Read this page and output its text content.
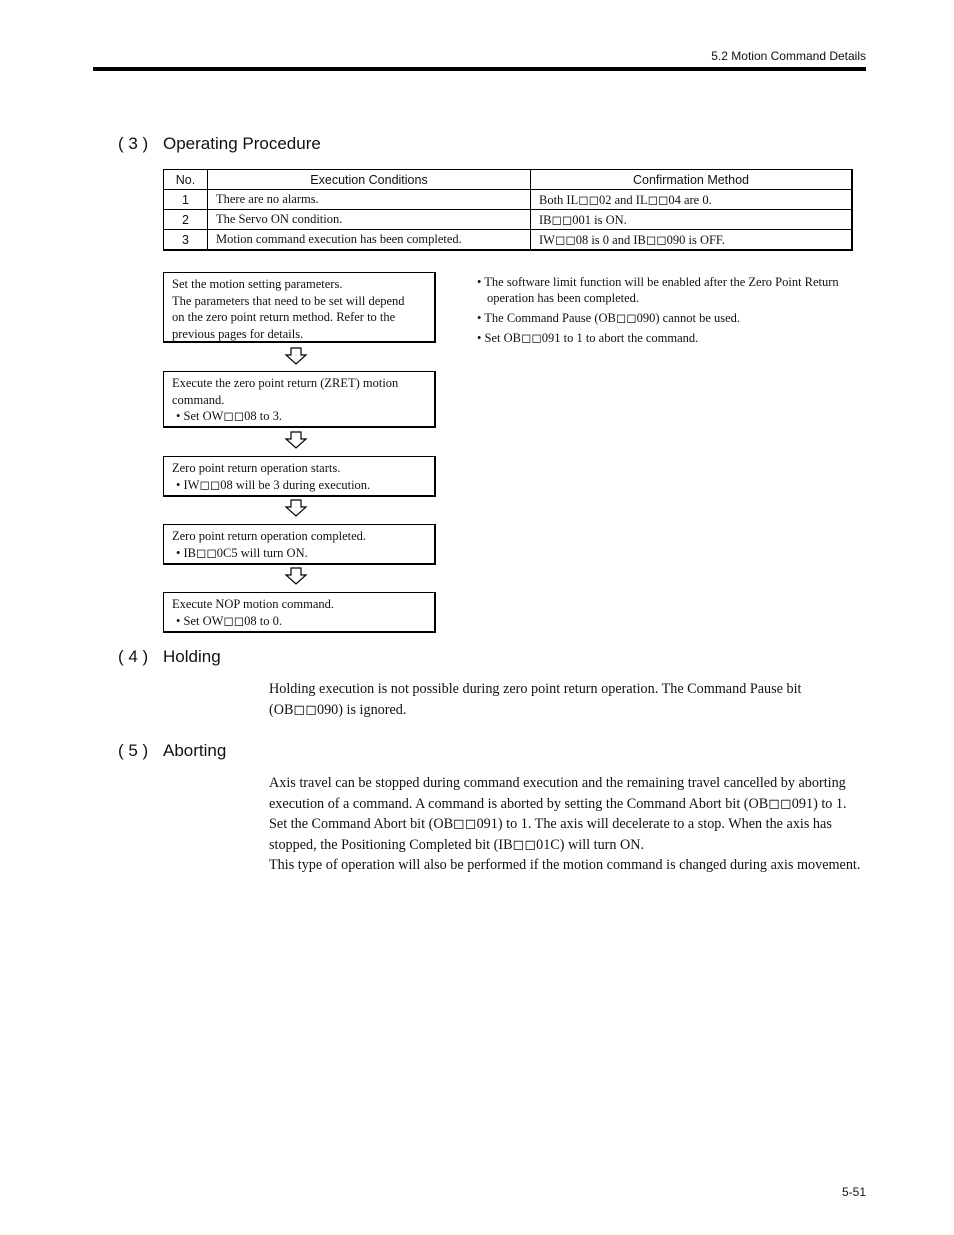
5.2 Motion Command Details
( 3 ) Operating Procedure
No.	Execution Conditions	Confirmation Method
1	There are no alarms.	Both IL◻◻02 and IL◻◻04 are 0.
2	The Servo ON condition.	IB◻◻001 is ON.
3	Motion command execution has been completed.	IW◻◻08 is 0 and IB◻◻090 is OFF.
Set the motion setting parameters.
The parameters that need to be set will depend
on the zero point return method. Refer to the
previous pages for details.
Execute the zero point return (ZRET) motion
command.
• Set OW◻◻08 to 3.
Zero point return operation starts.
• IW◻◻08 will be 3 during execution.
Zero point return operation completed.
• IB◻◻0C5 will turn ON.
Execute NOP motion command.
• Set OW◻◻08 to 0.
• The software limit function will be enabled after the Zero Point Return operation has been completed.
• The Command Pause (OB◻◻090) cannot be used.
• Set OB◻◻091 to 1 to abort the command.
( 4 ) Holding
Holding execution is not possible during zero point return operation. The Command Pause bit (OB◻◻090) is ignored.
( 5 ) Aborting
Axis travel can be stopped during command execution and the remaining travel cancelled by aborting execution of a command. A command is aborted by setting the Command Abort bit (OB◻◻091) to 1.
Set the Command Abort bit (OB◻◻091) to 1. The axis will decelerate to a stop. When the axis has stopped, the Positioning Completed bit (IB◻◻01C) will turn ON.
This type of operation will also be performed if the motion command is changed during axis movement.
5-51
